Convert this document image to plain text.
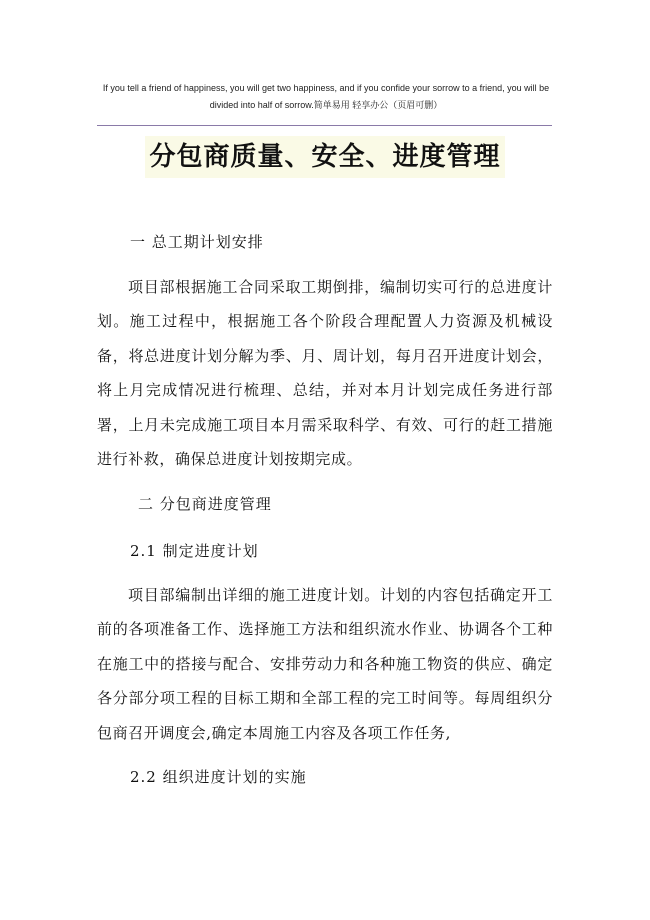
If you tell a friend of happiness, you will get two happiness, and if you confide your sorrow to a friend, you will be divided into half of sorrow.简单易用 轻享办公（页眉可删）
分包商质量、安全、进度管理
一 总工期计划安排

项目部根据施工合同采取工期倒排，编制切实可行的总进度计划。施工过程中，根据施工各个阶段合理配置人力资源及机械设备，将总进度计划分解为季、月、周计划，每月召开进度计划会，将上月完成情况进行梳理、总结，并对本月计划完成任务进行部署，上月未完成施工项目本月需采取科学、有效、可行的赶工措施进行补救，确保总进度计划按期完成。

二 分包商进度管理
2.1 制定进度计划

项目部编制出详细的施工进度计划。计划的内容包括确定开工前的各项准备工作、选择施工方法和组织流水作业、协调各个工种在施工中的搭接与配合、安排劳动力和各种施工物资的供应、确定各分部分项工程的目标工期和全部工程的完工时间等。每周组织分包商召开调度会,确定本周施工内容及各项工作任务,

2.2 组织进度计划的实施
